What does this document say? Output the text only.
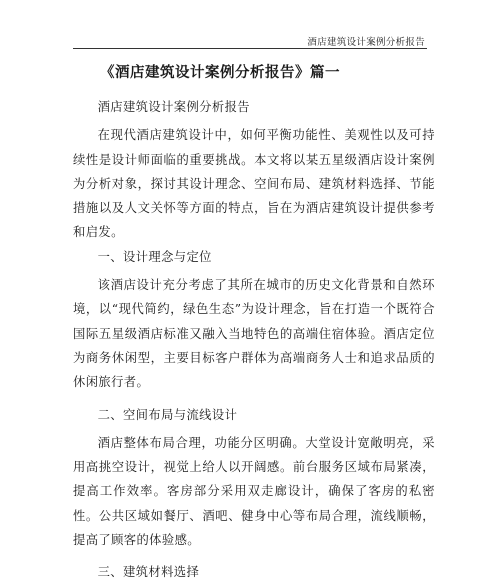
酒店建筑设计案例分析报告
《酒店建筑设计案例分析报告》篇一

酒店建筑设计案例分析报告

在现代酒店建筑设计中，如何平衡功能性、美观性以及可持续性是设计师面临的重要挑战。本文将以某五星级酒店设计案例为分析对象，探讨其设计理念、空间布局、建筑材料选择、节能措施以及人文关怀等方面的特点，旨在为酒店建筑设计提供参考和启发。

一、设计理念与定位

该酒店设计充分考虑了其所在城市的历史文化背景和自然环境，以“现代简约，绿色生态”为设计理念，旨在打造一个既符合国际五星级酒店标准又融入当地特色的高端住宿体验。酒店定位为商务休闲型，主要目标客户群体为高端商务人士和追求品质的休闲旅行者。

二、空间布局与流线设计

酒店整体布局合理，功能分区明确。大堂设计宽敞明亮，采用高挑空设计，视觉上给人以开阔感。前台服务区域布局紧凑，提高工作效率。客房部分采用双走廊设计，确保了客房的私密性。公共区域如餐厅、酒吧、健身中心等布局合理，流线顺畅，提高了顾客的体验感。

三、建筑材料选择
